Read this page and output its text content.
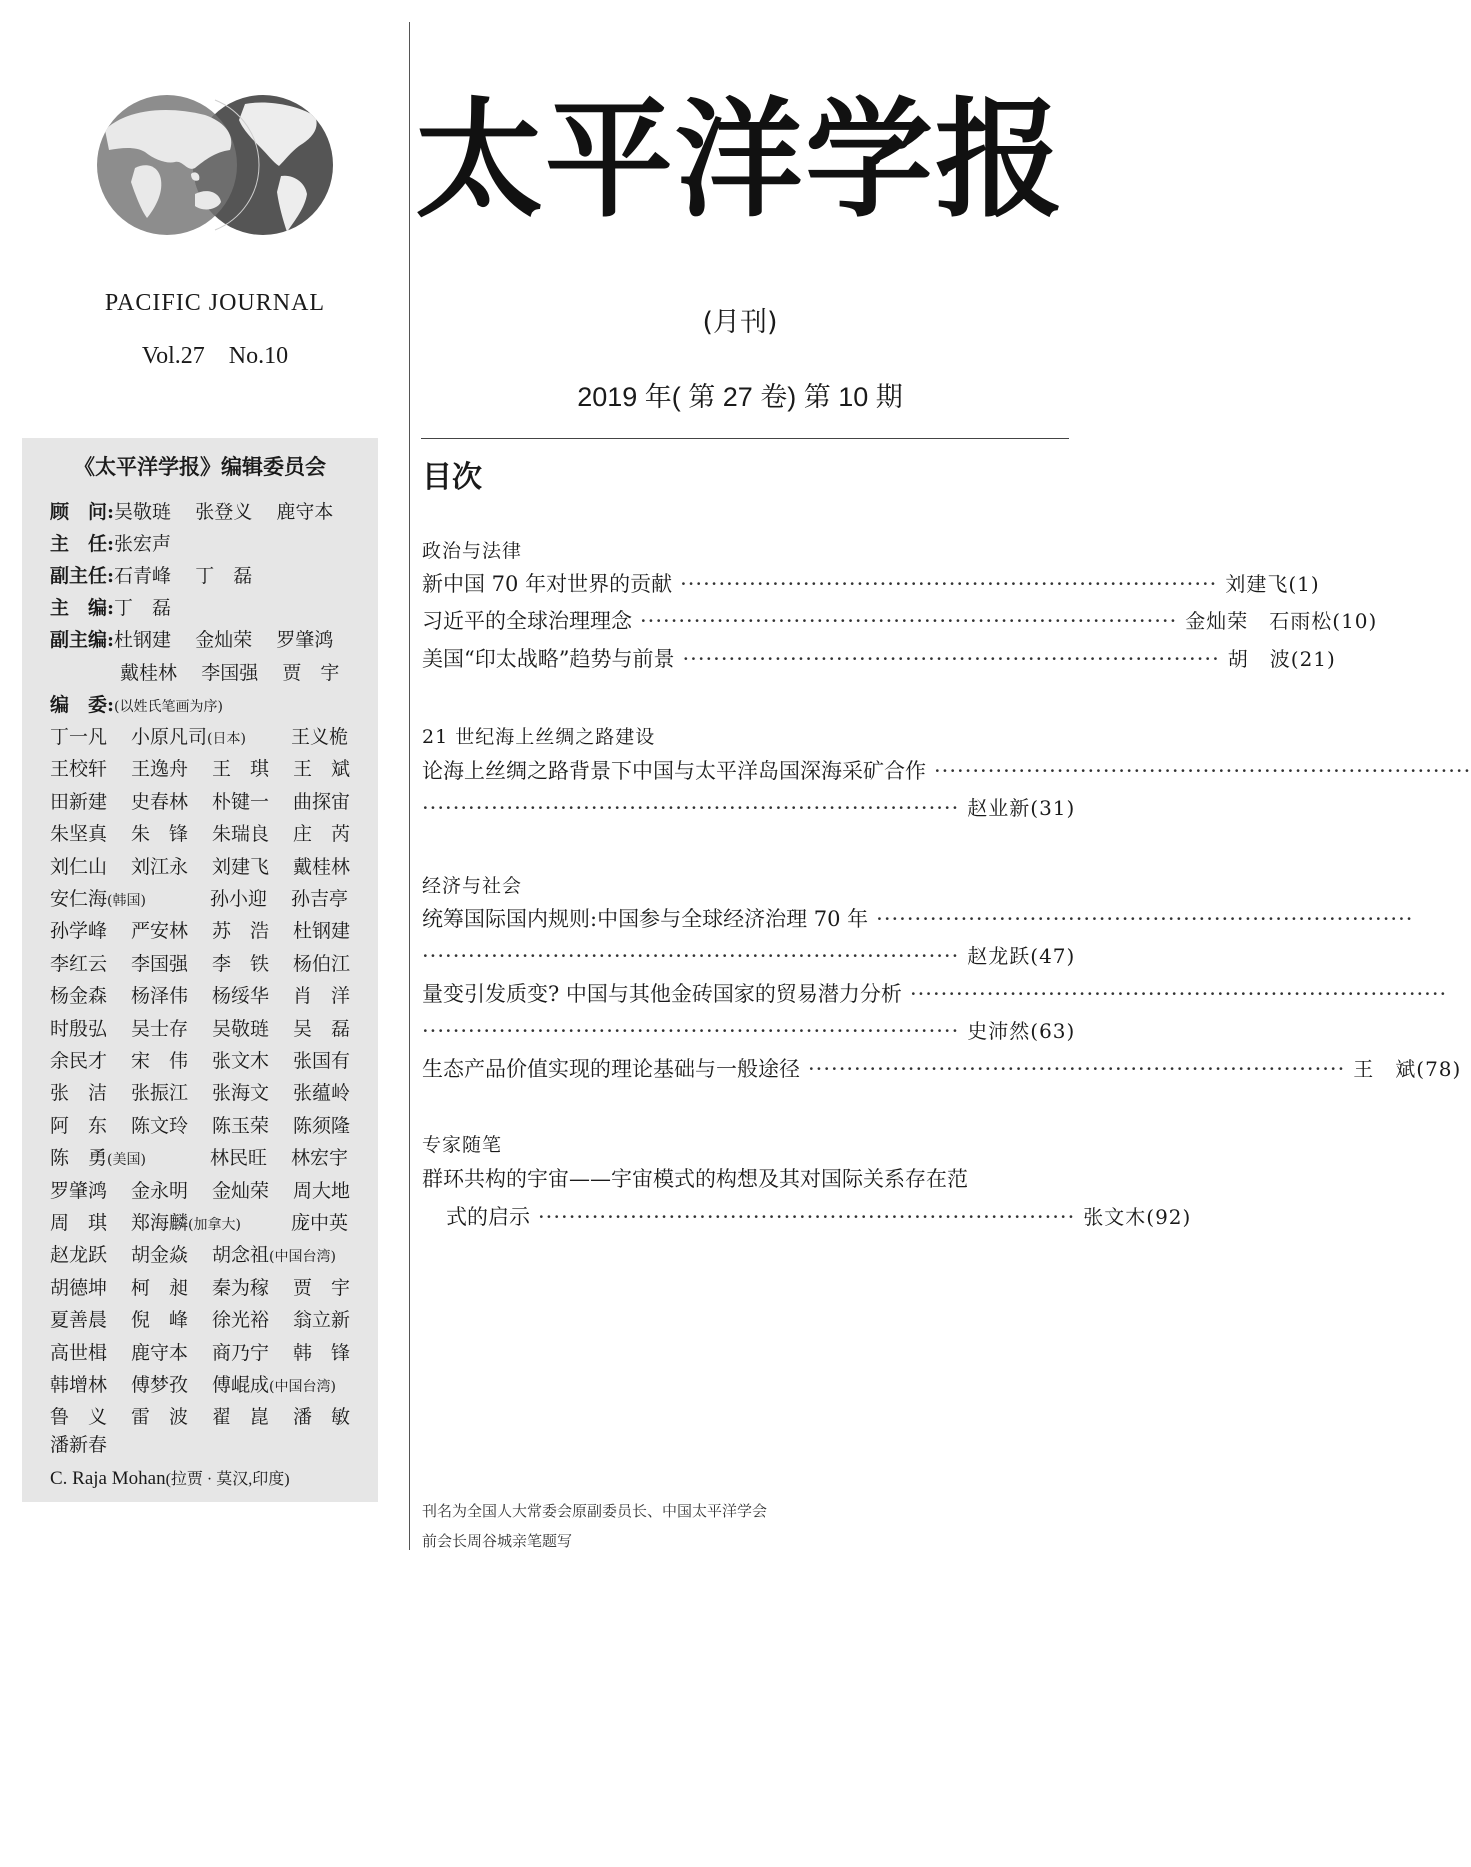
PACIFIC JOURNAL
Vol.27 No.10
《太平洋学报》编辑委员会
顾　问:吴敬琏 张登义 鹿守本
主　任:张宏声
副主任:石青峰 丁　磊
主　编:丁　磊
副主编:杜钢建 金灿荣 罗肇鸿
戴桂林 李国强 贾　宇
编　委:(以姓氏笔画为序)
丁一凡 小原凡司(日本) 王义桅
王校轩 王逸舟 王　琪 王　斌
田新建 史春林 朴键一 曲探宙
朱坚真 朱　锋 朱瑞良 庄　芮
刘仁山 刘江永 刘建飞 戴桂林
安仁海(韩国)	孙小迎 孙吉亭
孙学峰 严安林 苏　浩 杜钢建
李红云 李国强 李　铁 杨伯江
杨金森 杨泽伟 杨绥华 肖　洋
时殷弘 吴士存 吴敬琏 吴　磊
余民才 宋　伟 张文木 张国有
张　洁 张振江 张海文 张蕴岭
阿　东 陈文玲 陈玉荣 陈须隆
陈　勇(美国)	林民旺 林宏宇
罗肇鸿 金永明 金灿荣 周大地
周　琪 郑海麟(加拿大)	庞中英
赵龙跃 胡金焱 胡念祖(中国台湾)
胡德坤 柯　昶 秦为稼 贾　宇
夏善晨 倪　峰 徐光裕 翁立新
高世楫 鹿守本 商乃宁 韩　锋
韩增林 傅梦孜 傅崐成(中国台湾)
鲁　义 雷　波 翟　崑 潘　敏
潘新春
C. Raja Mohan(拉贾 · 莫汉,印度)
太平洋学报
(月刊)
2019 年( 第 27 卷) 第 10 期
目次
政治与法律
新中国 70 年对世界的贡献 ······································································ 刘建飞(1)
习近平的全球治理理念 ······································································ 金灿荣　石雨松(10)
美国“印太战略”趋势与前景 ······································································ 胡　波(21)
21 世纪海上丝绸之路建设
论海上丝绸之路背景下中国与太平洋岛国深海采矿合作 ······································································
······································································ 赵业新(31)
经济与社会
统筹国际国内规则:中国参与全球经济治理 70 年 ······································································
······································································ 赵龙跃(47)
量变引发质变? 中国与其他金砖国家的贸易潜力分析 ······································································
······································································ 史沛然(63)
生态产品价值实现的理论基础与一般途径 ······································································ 王　斌(78)
专家随笔
群环共构的宇宙——宇宙模式的构想及其对国际关系存在范
式的启示 ······································································ 张文木(92)
刊名为全国人大常委会原副委员长、中国太平洋学会
前会长周谷城亲笔题写
